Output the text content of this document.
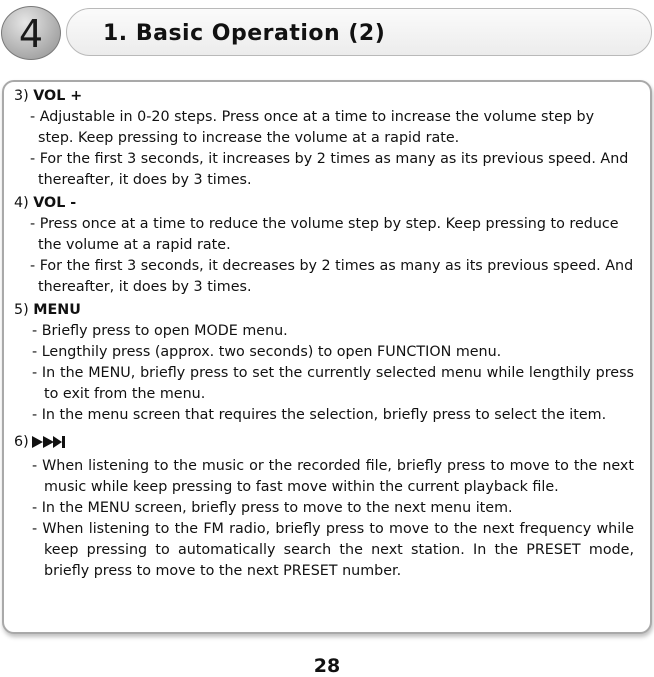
4	1. Basic Operation (2)

3) VOL +

- Adjustable in 0-20 steps. Press once at a time to increase the volume step by step. Keep pressing to increase the volume at a rapid rate.

- For the first 3 seconds, it increases by 2 times as many as its previous speed. And thereafter, it does by 3 times.

4) VOL -

- Press once at a time to reduce the volume step by step. Keep pressing to reduce the volume at a rapid rate.

- For the first 3 seconds, it decreases by 2 times as many as its previous speed. And thereafter, it does by 3 times.

5) MENU

- Briefly press to open MODE menu.

- Lengthily press (approx. two seconds) to open FUNCTION menu.

- In the MENU, briefly press to set the currently selected menu while lengthily press to exit from the menu.

- In the menu screen that requires the selection, briefly press to select the item.

6)

- When listening to the music or the recorded file, briefly press to move to the next music while keep pressing to fast move within the current playback file.

- In the MENU screen, briefly press to move to the next menu item.

- When listening to the FM radio, briefly press to move to the next frequency while keep pressing to automatically search the next station. In the PRESET mode, briefly press to move to the next PRESET number.

28
